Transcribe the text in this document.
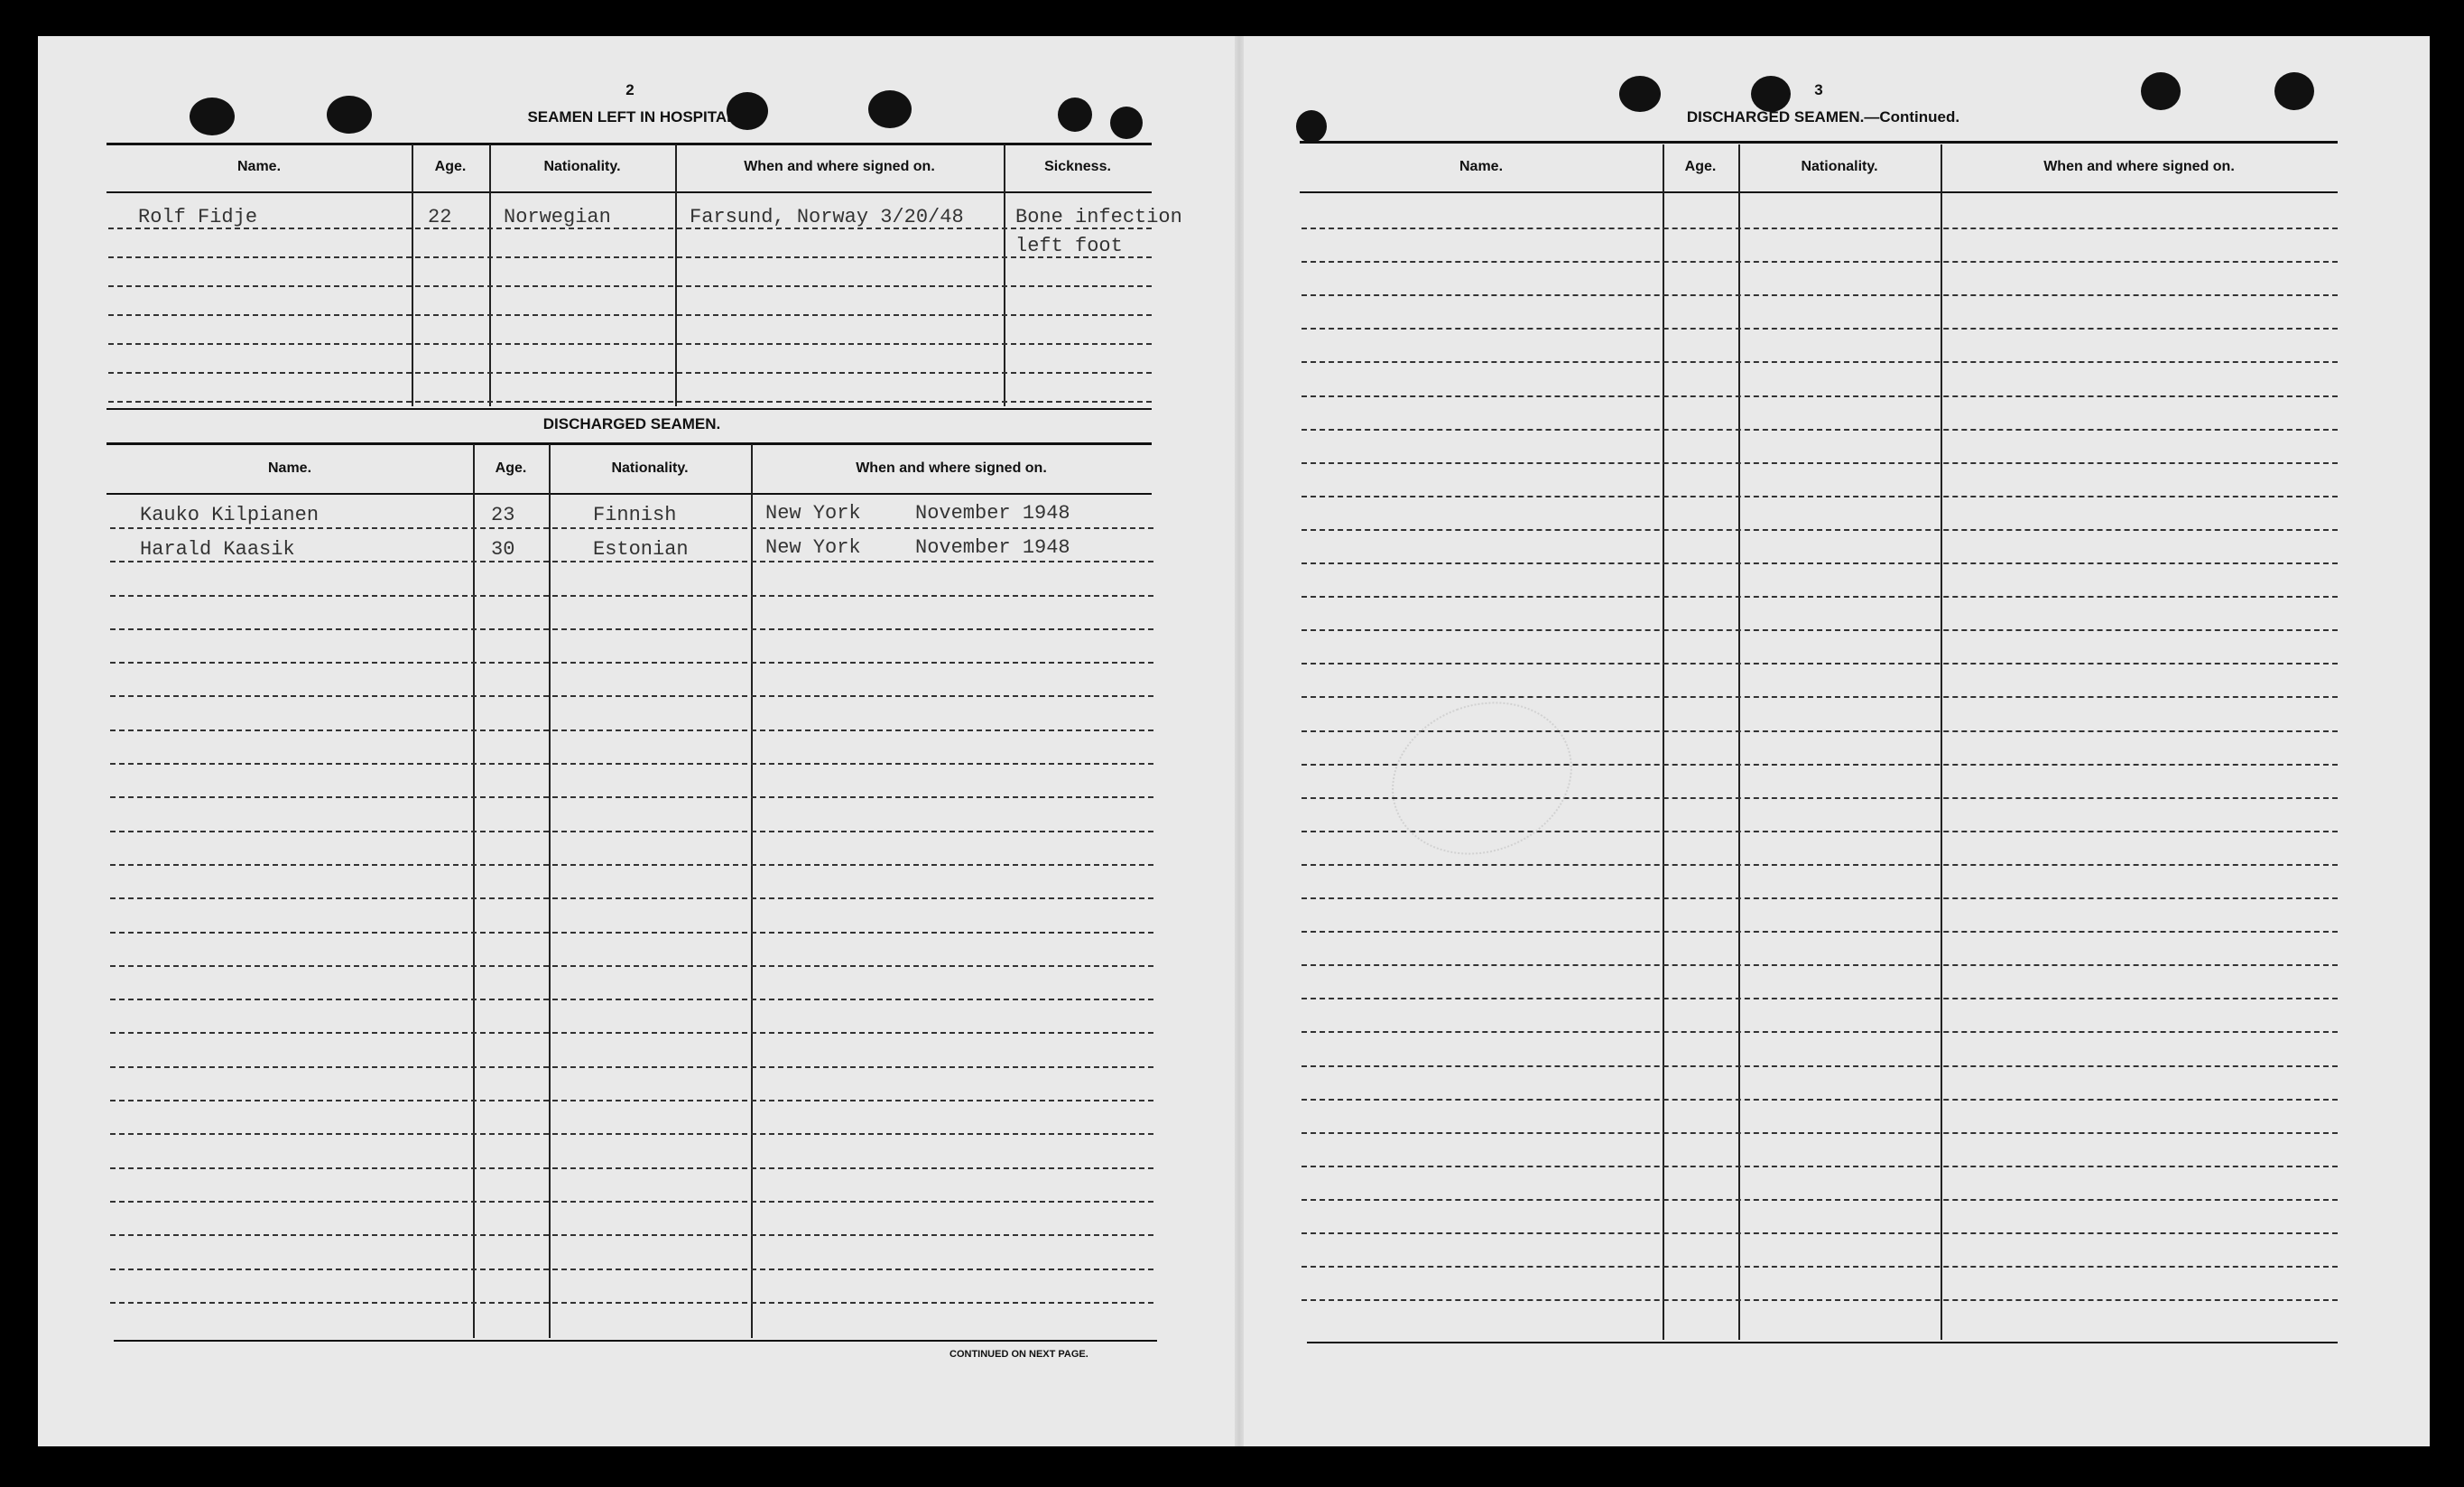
2
SEAMEN LEFT IN HOSPITAL
Name.	Age.	Nationality.	When and where signed on.	Sickness.
Rolf Fidje	22	Norwegian	Farsund, Norway 3/20/48	Bone infection
left foot
DISCHARGED SEAMEN.
Name.	Age.	Nationality.	When and where signed on.
Kauko Kilpianen	23	Finnish	New York	November 1948
Harald Kaasik	30	Estonian	New York	November 1948
CONTINUED ON NEXT PAGE.
3
DISCHARGED SEAMEN.—Continued.
Name.	Age.	Nationality.	When and where signed on.
